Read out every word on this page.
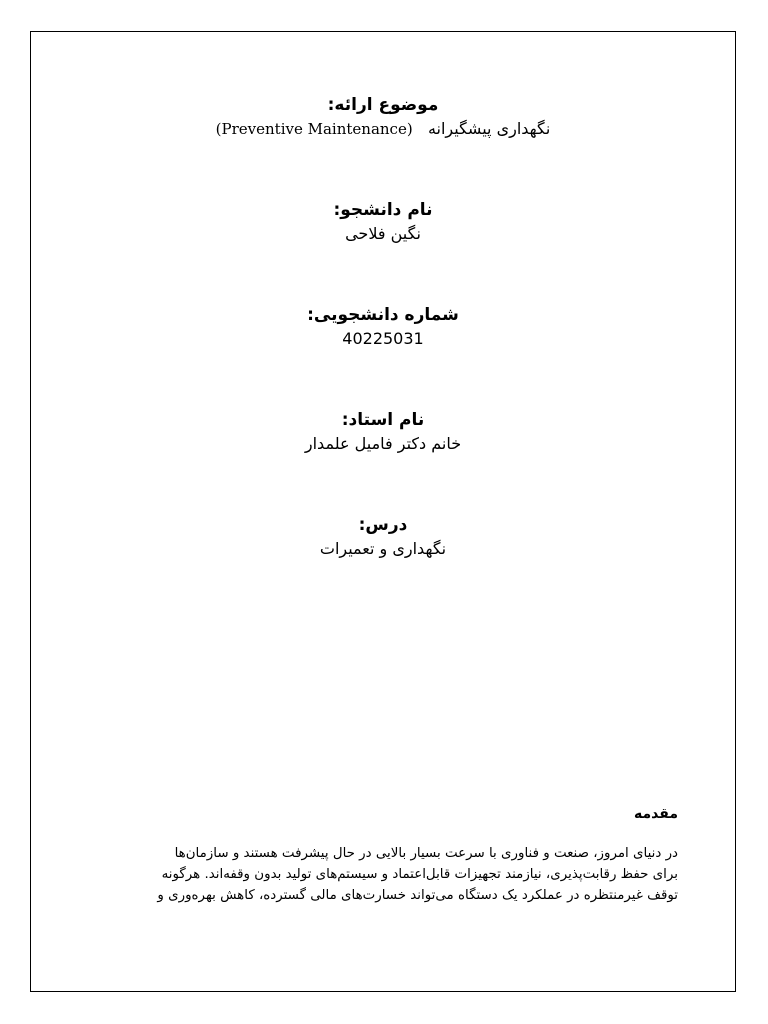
موضوع ارائه:
نگهداری پیشگیرانه   (Preventive Maintenance)
نام دانشجو:
نگین فلاحی
شماره دانشجویی:
40225031
نام استاد:
خانم دکتر فامیل علمدار
درس:
نگهداری و تعمیرات
مقدمه
در دنیای امروز، صنعت و فناوری با سرعت بسیار بالایی در حال پیشرفت هستند و سازمان‌ها
برای حفظ رقابت‌پذیری، نیازمند تجهیزات قابل‌اعتماد و سیستم‌های تولید بدون وقفه‌اند. هرگونه
توقف غیرمنتظره در عملکرد یک دستگاه می‌تواند خسارت‌های مالی گسترده، کاهش بهره‌وری و
